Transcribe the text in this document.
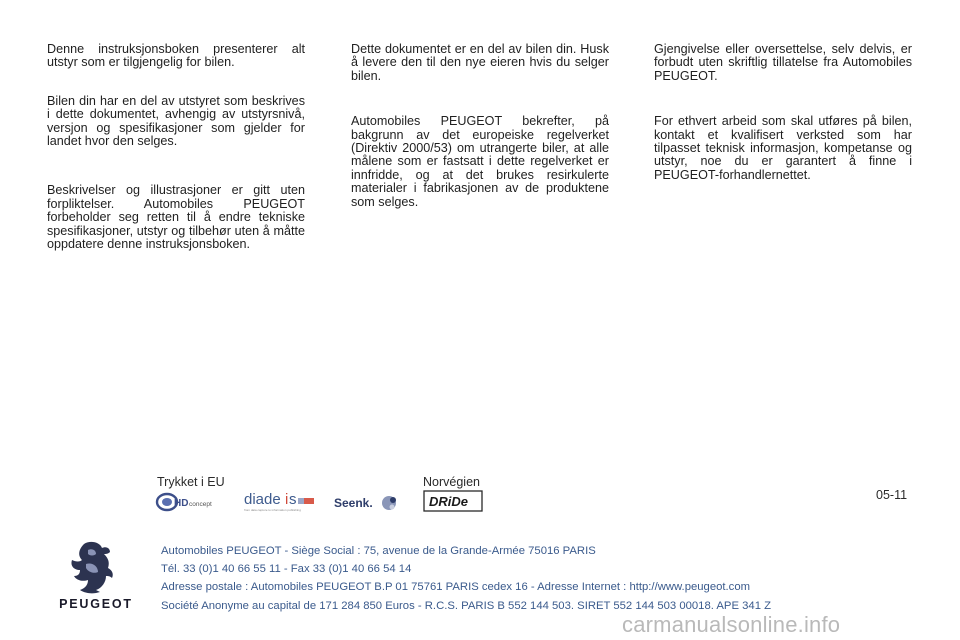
Denne instruksjonsboken presenterer alt utstyr som er tilgjengelig for bilen.

Bilen din har en del av utstyret som beskrives i dette dokumentet, avhengig av utstyrsnivå, versjon og spesifikasjoner som gjelder for landet hvor den selges.

Beskrivelser og illustrasjoner er gitt uten forpliktelser. Automobiles PEUGEOT forbeholder seg retten til å endre tekniske spesifikasjoner, utstyr og tilbehør uten å måtte oppdatere denne instruksjonsboken.

Dette dokumentet er en del av bilen din. Husk å levere den til den nye eieren hvis du selger bilen.

Automobiles PEUGEOT bekrefter, på bakgrunn av det europeiske regelverket (Direktiv 2000/53) om utrangerte biler, at alle målene som er fastsatt i dette regelverket er innfridde, og at det brukes resirkulerte materialer i fabrikasjonen av de produktene som selges.

Gjengivelse eller oversettelse, selv delvis, er forbudt uten skriftlig tillatelse fra Automobiles PEUGEOT.

For ethvert arbeid som skal utføres på bilen, kontakt et kvalifisert verksted som har tilpasset teknisk informasjon, kompetanse og utstyr, noe du er garantert å finne i PEUGEOT-forhandlernettet.

Trykket i EU	Norvégien
05-11
HD concept diade i s
from data capture to information publishing	Seenk.	DRiDe
PEUGEOT
Automobiles PEUGEOT - Siège Social : 75, avenue de la Grande-Armée 75016 PARIS
Tél. 33 (0)1 40 66 55 11 - Fax 33 (0)1 40 66 54 14
Adresse postale : Automobiles PEUGEOT B.P 01 75761 PARIS cedex 16 - Adresse Internet : http://www.peugeot.com
Société Anonyme au capital de 171 284 850 Euros - R.C.S. PARIS B 552 144 503. SIRET 552 144 503 00018. APE 341 Z
carmanualsonline.info
